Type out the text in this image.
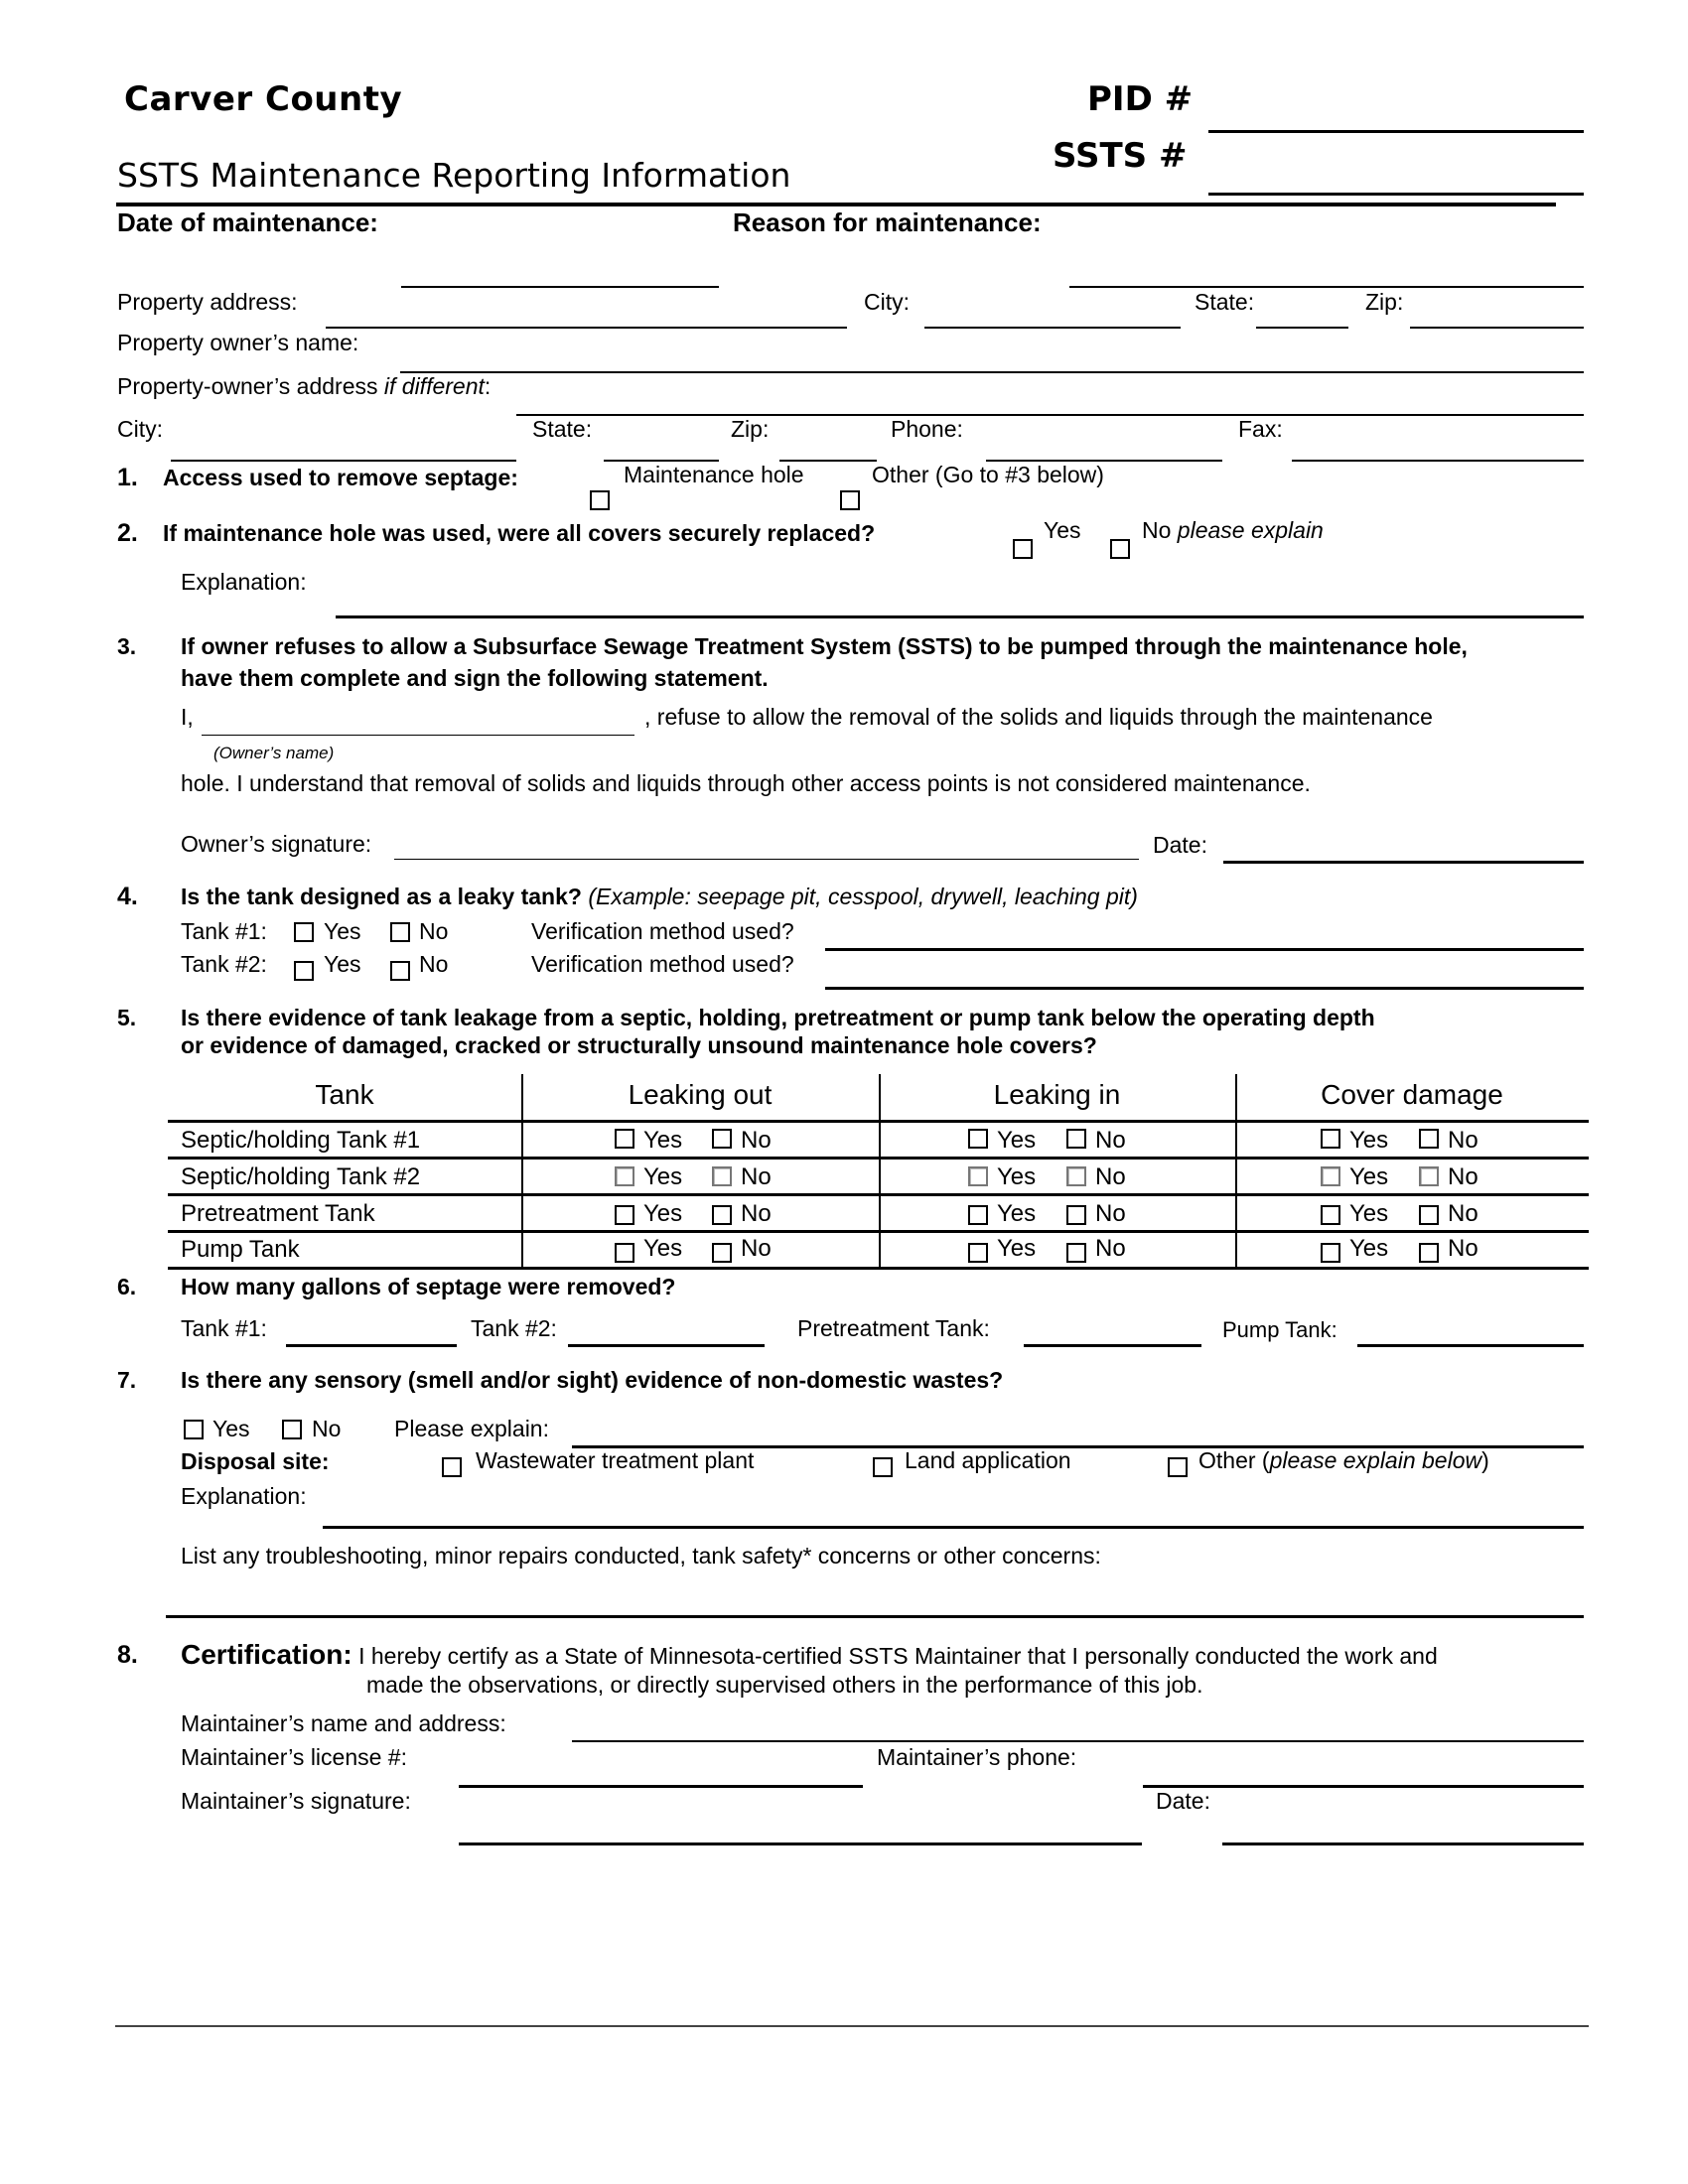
Carver County
SSTS Maintenance Reporting Information
PID #
SSTS #
Date of maintenance:	Reason for maintenance:
Property address:	City:	State:	Zip:
Property owner’s name:
Property-owner’s address if different:
City:	State:	Zip:	Phone:	Fax:
1. Access used to remove septage:	Maintenance hole	Other (Go to #3 below)
2. If maintenance hole was used, were all covers securely replaced?	Yes	No please explain
Explanation:
3. If owner refuses to allow a Subsurface Sewage Treatment System (SSTS) to be pumped through the maintenance hole,
have them complete and sign the following statement.
I,	, refuse to allow the removal of the solids and liquids through the maintenance
(Owner’s name)
hole. I understand that removal of solids and liquids through other access points is not considered maintenance.
Owner’s signature:	Date:
4. Is the tank designed as a leaky tank? (Example: seepage pit, cesspool, drywell, leaching pit)
Tank #1: Yes	No	Verification method used?
Tank #2: Yes	No	Verification method used?
5. Is there evidence of tank leakage from a septic, holding, pretreatment or pump tank below the operating depth
or evidence of damaged, cracked or structurally unsound maintenance hole covers?
Tank	Leaking out	Leaking in	Cover damage
Septic/holding Tank #1	Yes No	Yes No	Yes No
Septic/holding Tank #2	Yes No	Yes No	Yes No
Pretreatment Tank	Yes No	Yes No	Yes No
Pump Tank	Yes No	Yes No	Yes No
6. How many gallons of septage were removed?
Tank #1:	Tank #2:	Pretreatment Tank:	Pump Tank:
7. Is there any sensory (smell and/or sight) evidence of non-domestic wastes?
Yes	No Please explain:
Disposal site:	Wastewater treatment plant	Land application	Other (please explain below)
Explanation:
List any troubleshooting, minor repairs conducted, tank safety* concerns or other concerns:
8. Certification: I hereby certify as a State of Minnesota-certified SSTS Maintainer that I personally conducted the work and
made the observations, or directly supervised others in the performance of this job.
Maintainer’s name and address:
Maintainer’s license #:	Maintainer’s phone:
Maintainer’s signature:	Date:
